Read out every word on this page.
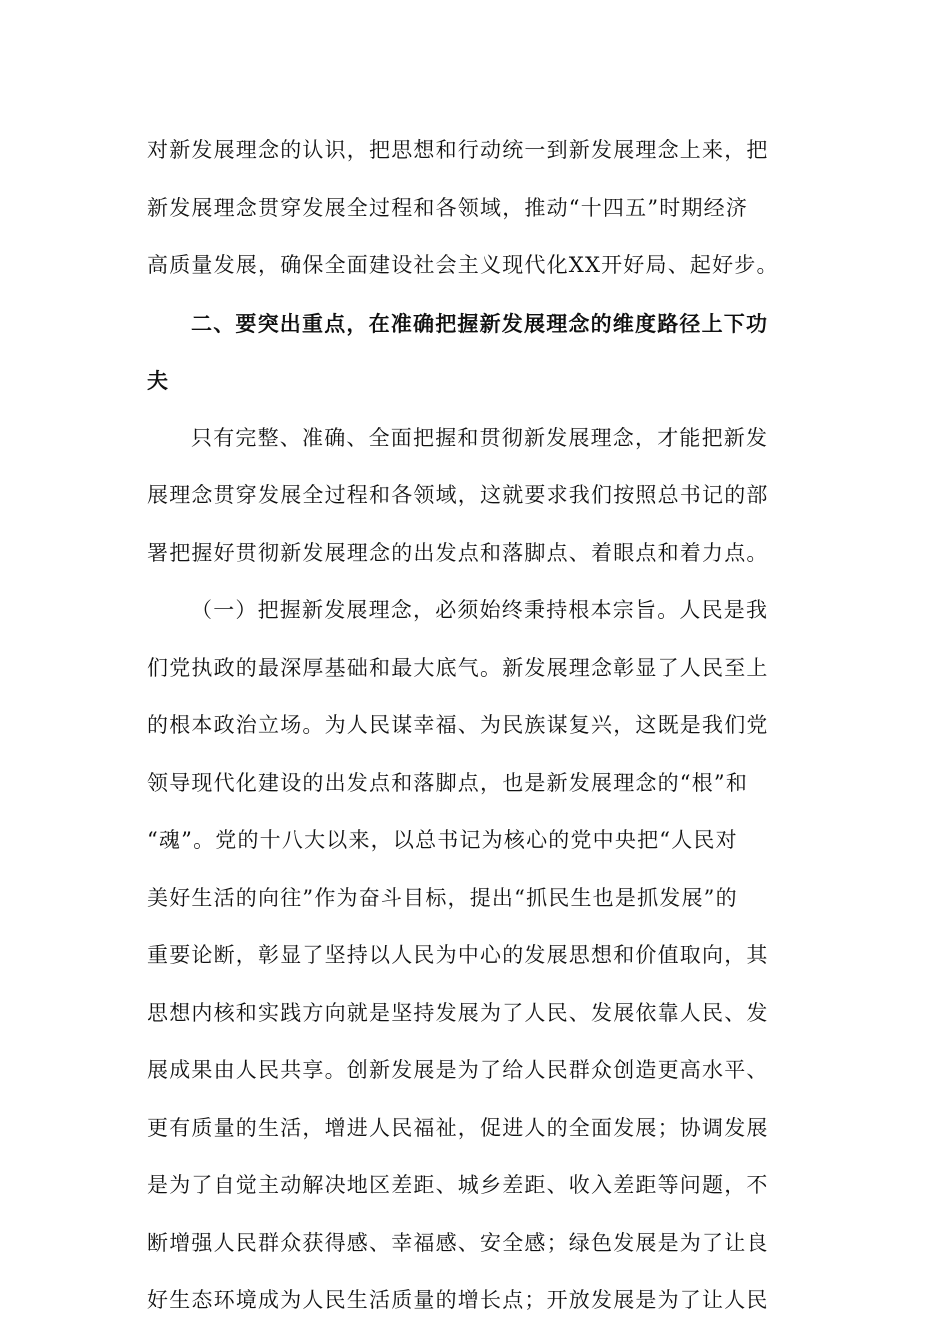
对新发展理念的认识，把思想和行动统一到新发展理念上来，把
新发展理念贯穿发展全过程和各领域，推动“十四五”时期经济
高质量发展，确保全面建设社会主义现代化XX开好局、起好步。
二、要突出重点，在准确把握新发展理念的维度路径上下功
夫
只有完整、准确、全面把握和贯彻新发展理念，才能把新发
展理念贯穿发展全过程和各领域，这就要求我们按照总书记的部
署把握好贯彻新发展理念的出发点和落脚点、着眼点和着力点。
（一）把握新发展理念，必须始终秉持根本宗旨。人民是我
们党执政的最深厚基础和最大底气。新发展理念彰显了人民至上
的根本政治立场。为人民谋幸福、为民族谋复兴，这既是我们党
领导现代化建设的出发点和落脚点，也是新发展理念的“根”和
“魂”。党的十八大以来，以总书记为核心的党中央把“人民对
美好生活的向往”作为奋斗目标，提出“抓民生也是抓发展”的
重要论断，彰显了坚持以人民为中心的发展思想和价值取向，其
思想内核和实践方向就是坚持发展为了人民、发展依靠人民、发
展成果由人民共享。创新发展是为了给人民群众创造更高水平、
更有质量的生活，增进人民福祉，促进人的全面发展；协调发展
是为了自觉主动解决地区差距、城乡差距、收入差距等问题，不
断增强人民群众获得感、幸福感、安全感；绿色发展是为了让良
好生态环境成为人民生活质量的增长点；开放发展是为了让人民
